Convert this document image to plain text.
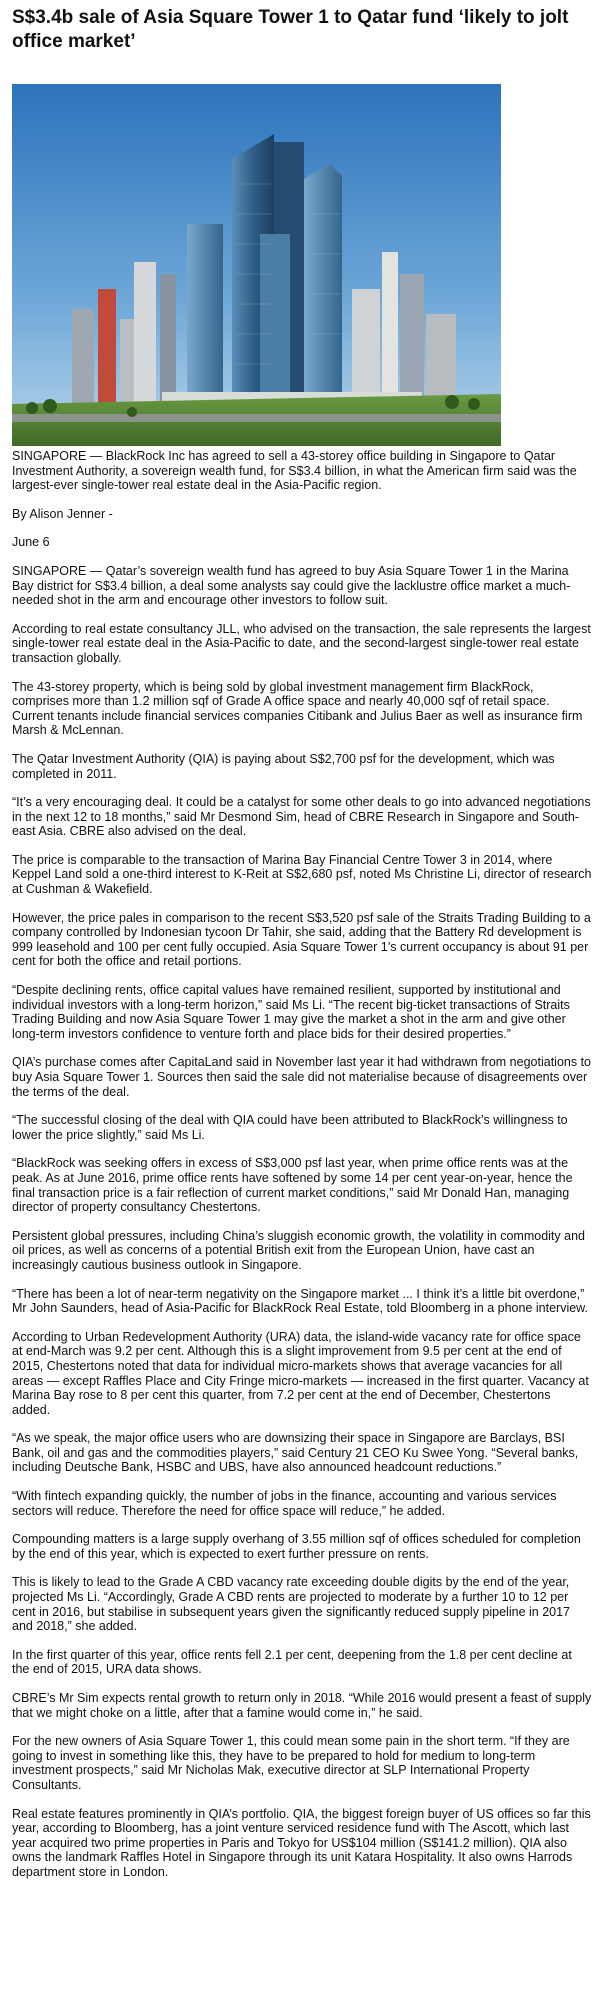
S$3.4b sale of Asia Square Tower 1 to Qatar fund ‘likely to jolt office market’

SINGAPORE — BlackRock Inc has agreed to sell a 43-storey office building in Singapore to Qatar Investment Authority, a sovereign wealth fund, for S$3.4 billion, in what the American firm said was the largest-ever single-tower real estate deal in the Asia-Pacific region.

By Alison Jenner -

June 6

SINGAPORE — Qatar’s sovereign wealth fund has agreed to buy Asia Square Tower 1 in the Marina Bay district for S$3.4 billion, a deal some analysts say could give the lacklustre office market a much-needed shot in the arm and encourage other investors to follow suit.

According to real estate consultancy JLL, who advised on the transaction, the sale represents the largest single-tower real estate deal in the Asia-Pacific to date, and the second-largest single-tower real estate transaction globally.

The 43-storey property, which is being sold by global investment management firm BlackRock, comprises more than 1.2 million sqf of Grade A office space and nearly 40,000 sqf of retail space. Current tenants include financial services companies Citibank and Julius Baer as well as insurance firm Marsh & McLennan.

The Qatar Investment Authority (QIA) is paying about S$2,700 psf for the development, which was completed in 2011.

“It’s a very encouraging deal. It could be a catalyst for some other deals to go into advanced negotiations in the next 12 to 18 months,” said Mr Desmond Sim, head of CBRE Research in Singapore and South-east Asia. CBRE also advised on the deal.

The price is comparable to the transaction of Marina Bay Financial Centre Tower 3 in 2014, where Keppel Land sold a one-third interest to K-Reit at S$2,680 psf, noted Ms Christine Li, director of research at Cushman & Wakefield.

However, the price pales in comparison to the recent S$3,520 psf sale of the Straits Trading Building to a company controlled by Indonesian tycoon Dr Tahir, she said, adding that the Battery Rd development is 999 leasehold and 100 per cent fully occupied. Asia Square Tower 1’s current occupancy is about 91 per cent for both the office and retail portions.

“Despite declining rents, office capital values have remained resilient, supported by institutional and individual investors with a long-term horizon,” said Ms Li. “The recent big-ticket transactions of Straits Trading Building and now Asia Square Tower 1 may give the market a shot in the arm and give other long-term investors confidence to venture forth and place bids for their desired properties.”

QIA’s purchase comes after CapitaLand said in November last year it had withdrawn from negotiations to buy Asia Square Tower 1. Sources then said the sale did not materialise because of disagreements over the terms of the deal.

“The successful closing of the deal with QIA could have been attributed to BlackRock’s willingness to lower the price slightly,” said Ms Li.

“BlackRock was seeking offers in excess of S$3,000 psf last year, when prime office rents was at the peak. As at June 2016, prime office rents have softened by some 14 per cent year-on-year, hence the final transaction price is a fair reflection of current market conditions,” said Mr Donald Han, managing director of property consultancy Chestertons.

Persistent global pressures, including China’s sluggish economic growth, the volatility in commodity and oil prices, as well as concerns of a potential British exit from the European Union, have cast an increasingly cautious business outlook in Singapore.

“There has been a lot of near-term negativity on the Singapore market ... I think it’s a little bit overdone,” Mr John Saunders, head of Asia-Pacific for BlackRock Real Estate, told Bloomberg in a phone interview.

According to Urban Redevelopment Authority (URA) data, the island-wide vacancy rate for office space at end-March was 9.2 per cent. Although this is a slight improvement from 9.5 per cent at the end of 2015, Chestertons noted that data for individual micro-markets shows that average vacancies for all areas — except Raffles Place and City Fringe micro-markets — increased in the first quarter. Vacancy at Marina Bay rose to 8 per cent this quarter, from 7.2 per cent at the end of December, Chestertons added.

“As we speak, the major office users who are downsizing their space in Singapore are Barclays, BSI Bank, oil and gas and the commodities players,” said Century 21 CEO Ku Swee Yong. “Several banks, including Deutsche Bank, HSBC and UBS, have also announced headcount reductions.”

“With fintech expanding quickly, the number of jobs in the finance, accounting and various services sectors will reduce. Therefore the need for office space will reduce,” he added.

Compounding matters is a large supply overhang of 3.55 million sqf of offices scheduled for completion by the end of this year, which is expected to exert further pressure on rents.

This is likely to lead to the Grade A CBD vacancy rate exceeding double digits by the end of the year, projected Ms Li. “Accordingly, Grade A CBD rents are projected to moderate by a further 10 to 12 per cent in 2016, but stabilise in subsequent years given the significantly reduced supply pipeline in 2017 and 2018,” she added.

In the first quarter of this year, office rents fell 2.1 per cent, deepening from the 1.8 per cent decline at the end of 2015, URA data shows.

CBRE’s Mr Sim expects rental growth to return only in 2018. “While 2016 would present a feast of supply that we might choke on a little, after that a famine would come in,” he said.

For the new owners of Asia Square Tower 1, this could mean some pain in the short term. “If they are going to invest in something like this, they have to be prepared to hold for medium to long-term investment prospects,” said Mr Nicholas Mak, executive director at SLP International Property Consultants.

Real estate features prominently in QIA’s portfolio. QIA, the biggest foreign buyer of US offices so far this year, according to Bloomberg, has a joint venture serviced residence fund with The Ascott, which last year acquired two prime properties in Paris and Tokyo for US$104 million (S$141.2 million). QIA also owns the landmark Raffles Hotel in Singapore through its unit Katara Hospitality. It also owns Harrods department store in London.
